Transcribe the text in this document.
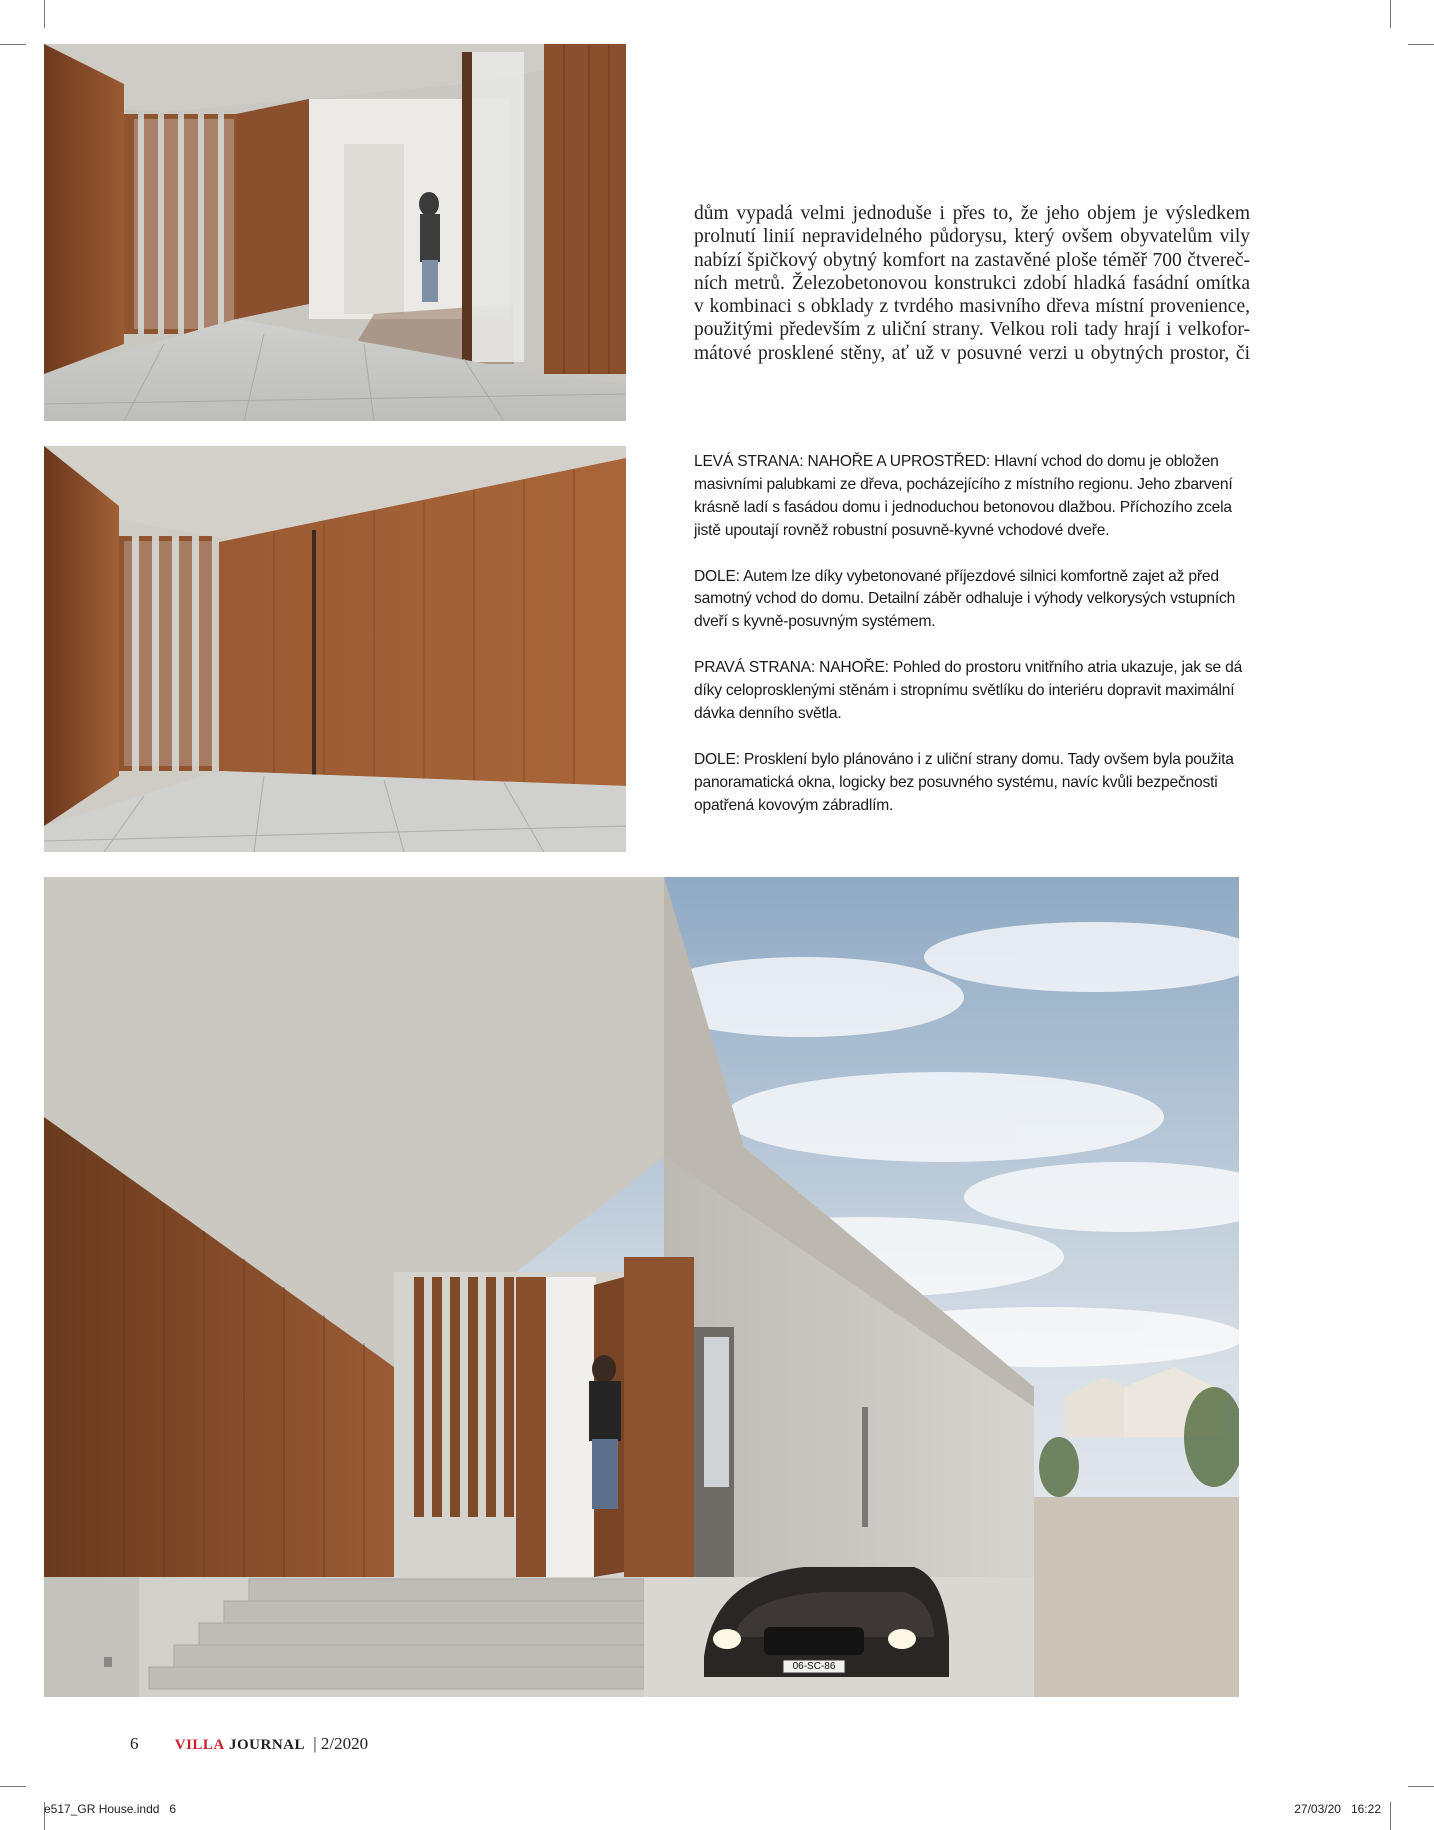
06-SC-86
dům vypadá velmi jednoduše i přes to, že jeho objem je výsledkem
prolnutí linií nepravidelného půdorysu, který ovšem obyvatelům vily
nabízí špičkový obytný komfort na zastavěné ploše téměř 700 čtvereč-
ních metrů. Železobetonovou konstrukci zdobí hladká fasádní omítka
v kombinaci s obklady z tvrdého masivního dřeva místní provenience,
použitými především z uliční strany. Velkou roli tady hrají i velkofor-
mátové prosklené stěny, ať už v posuvné verzi u obytných prostor, či

LEVÁ STRANA: NAHOŘE A UPROSTŘED: Hlavní vchod do domu je obložen
masivními palubkami ze dřeva, pocházejícího z místního regionu. Jeho zbarvení
krásně ladí s fasádou domu i jednoduchou betonovou dlažbou. Příchozího zcela
jistě upoutají rovněž robustní posuvně-kyvné vchodové dveře.

DOLE: Autem lze díky vybetonované příjezdové silnici komfortně zajet až před
samotný vchod do domu. Detailní záběr odhaluje i výhody velkorysých vstupních
dveří s kyvně-posuvným systémem.

PRAVÁ STRANA: NAHOŘE: Pohled do prostoru vnitřního atria ukazuje, jak se dá
díky celoprosklenými stěnám i stropnímu světlíku do interiéru dopravit maximální
dávka denního světla.

DOLE: Prosklení bylo plánováno i z uliční strany domu. Tady ovšem byla použita
panoramatická okna, logicky bez posuvného systému, navíc kvůli bezpečnosti
opatřená kovovým zábradlím.

6 VILLA JOURNAL | 2/2020
e517_GR House.indd   6	27/03/20   16:22
